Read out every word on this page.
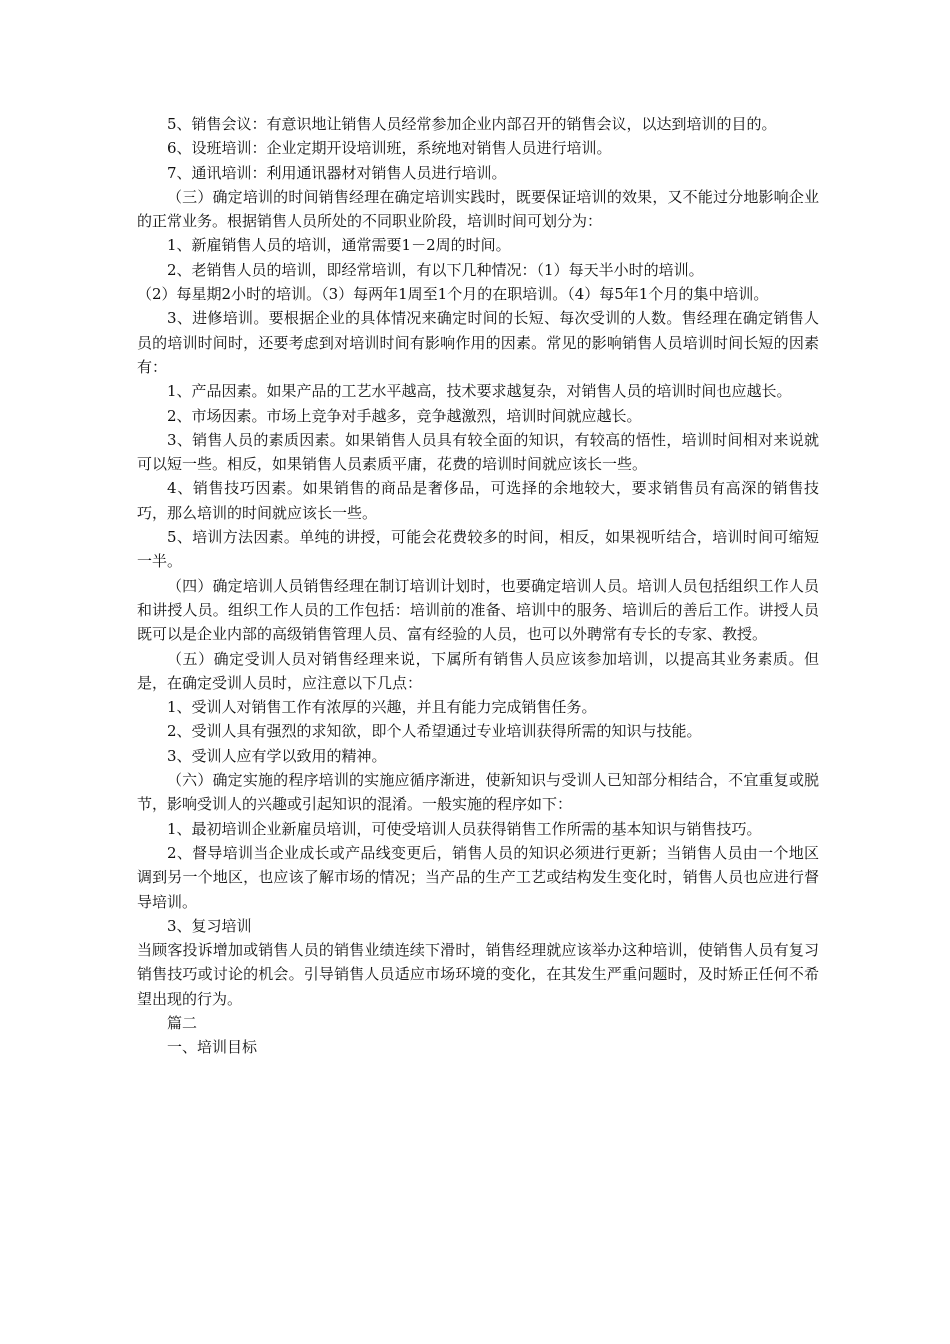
5、销售会议：有意识地让销售人员经常参加企业内部召开的销售会议，以达到培训的目的。

6、设班培训：企业定期开设培训班，系统地对销售人员进行培训。

7、通讯培训：利用通讯器材对销售人员进行培训。

（三）确定培训的时间销售经理在确定培训实践时，既要保证培训的效果，又不能过分地影响企业的正常业务。根据销售人员所处的不同职业阶段，培训时间可划分为：

1、新雇销售人员的培训，通常需要1－2周的时间。

2、老销售人员的培训，即经常培训，有以下几种情况：（1）每天半小时的培训。

（2）每星期2小时的培训。（3）每两年1周至1个月的在职培训。（4）每5年1个月的集中培训。

3、进修培训。要根据企业的具体情况来确定时间的长短、每次受训的人数。售经理在确定销售人员的培训时间时，还要考虑到对培训时间有影响作用的因素。常见的影响销售人员培训时间长短的因素有：

1、产品因素。如果产品的工艺水平越高，技术要求越复杂，对销售人员的培训时间也应越长。

2、市场因素。市场上竞争对手越多，竞争越激烈，培训时间就应越长。

3、销售人员的素质因素。如果销售人员具有较全面的知识，有较高的悟性，培训时间相对来说就可以短一些。相反，如果销售人员素质平庸，花费的培训时间就应该长一些。

4、销售技巧因素。如果销售的商品是奢侈品，可选择的余地较大，要求销售员有高深的销售技巧，那么培训的时间就应该长一些。

5、培训方法因素。单纯的讲授，可能会花费较多的时间，相反，如果视听结合，培训时间可缩短一半。

（四）确定培训人员销售经理在制订培训计划时，也要确定培训人员。培训人员包括组织工作人员和讲授人员。组织工作人员的工作包括：培训前的准备、培训中的服务、培训后的善后工作。讲授人员既可以是企业内部的高级销售管理人员、富有经验的人员，也可以外聘常有专长的专家、教授。

（五）确定受训人员对销售经理来说，下属所有销售人员应该参加培训，以提高其业务素质。但是，在确定受训人员时，应注意以下几点：

1、受训人对销售工作有浓厚的兴趣，并且有能力完成销售任务。

2、受训人具有强烈的求知欲，即个人希望通过专业培训获得所需的知识与技能。

3、受训人应有学以致用的精神。

（六）确定实施的程序培训的实施应循序渐进，使新知识与受训人已知部分相结合，不宜重复或脱节，影响受训人的兴趣或引起知识的混淆。一般实施的程序如下：

1、最初培训企业新雇员培训，可使受培训人员获得销售工作所需的基本知识与销售技巧。

2、督导培训当企业成长或产品线变更后，销售人员的知识必须进行更新；当销售人员由一个地区调到另一个地区，也应该了解市场的情况；当产品的生产工艺或结构发生变化时，销售人员也应进行督导培训。

3、复习培训

当顾客投诉增加或销售人员的销售业绩连续下滑时，销售经理就应该举办这种培训，使销售人员有复习销售技巧或讨论的机会。引导销售人员适应市场环境的变化，在其发生严重问题时，及时矫正任何不希望出现的行为。

篇二

一、培训目标
